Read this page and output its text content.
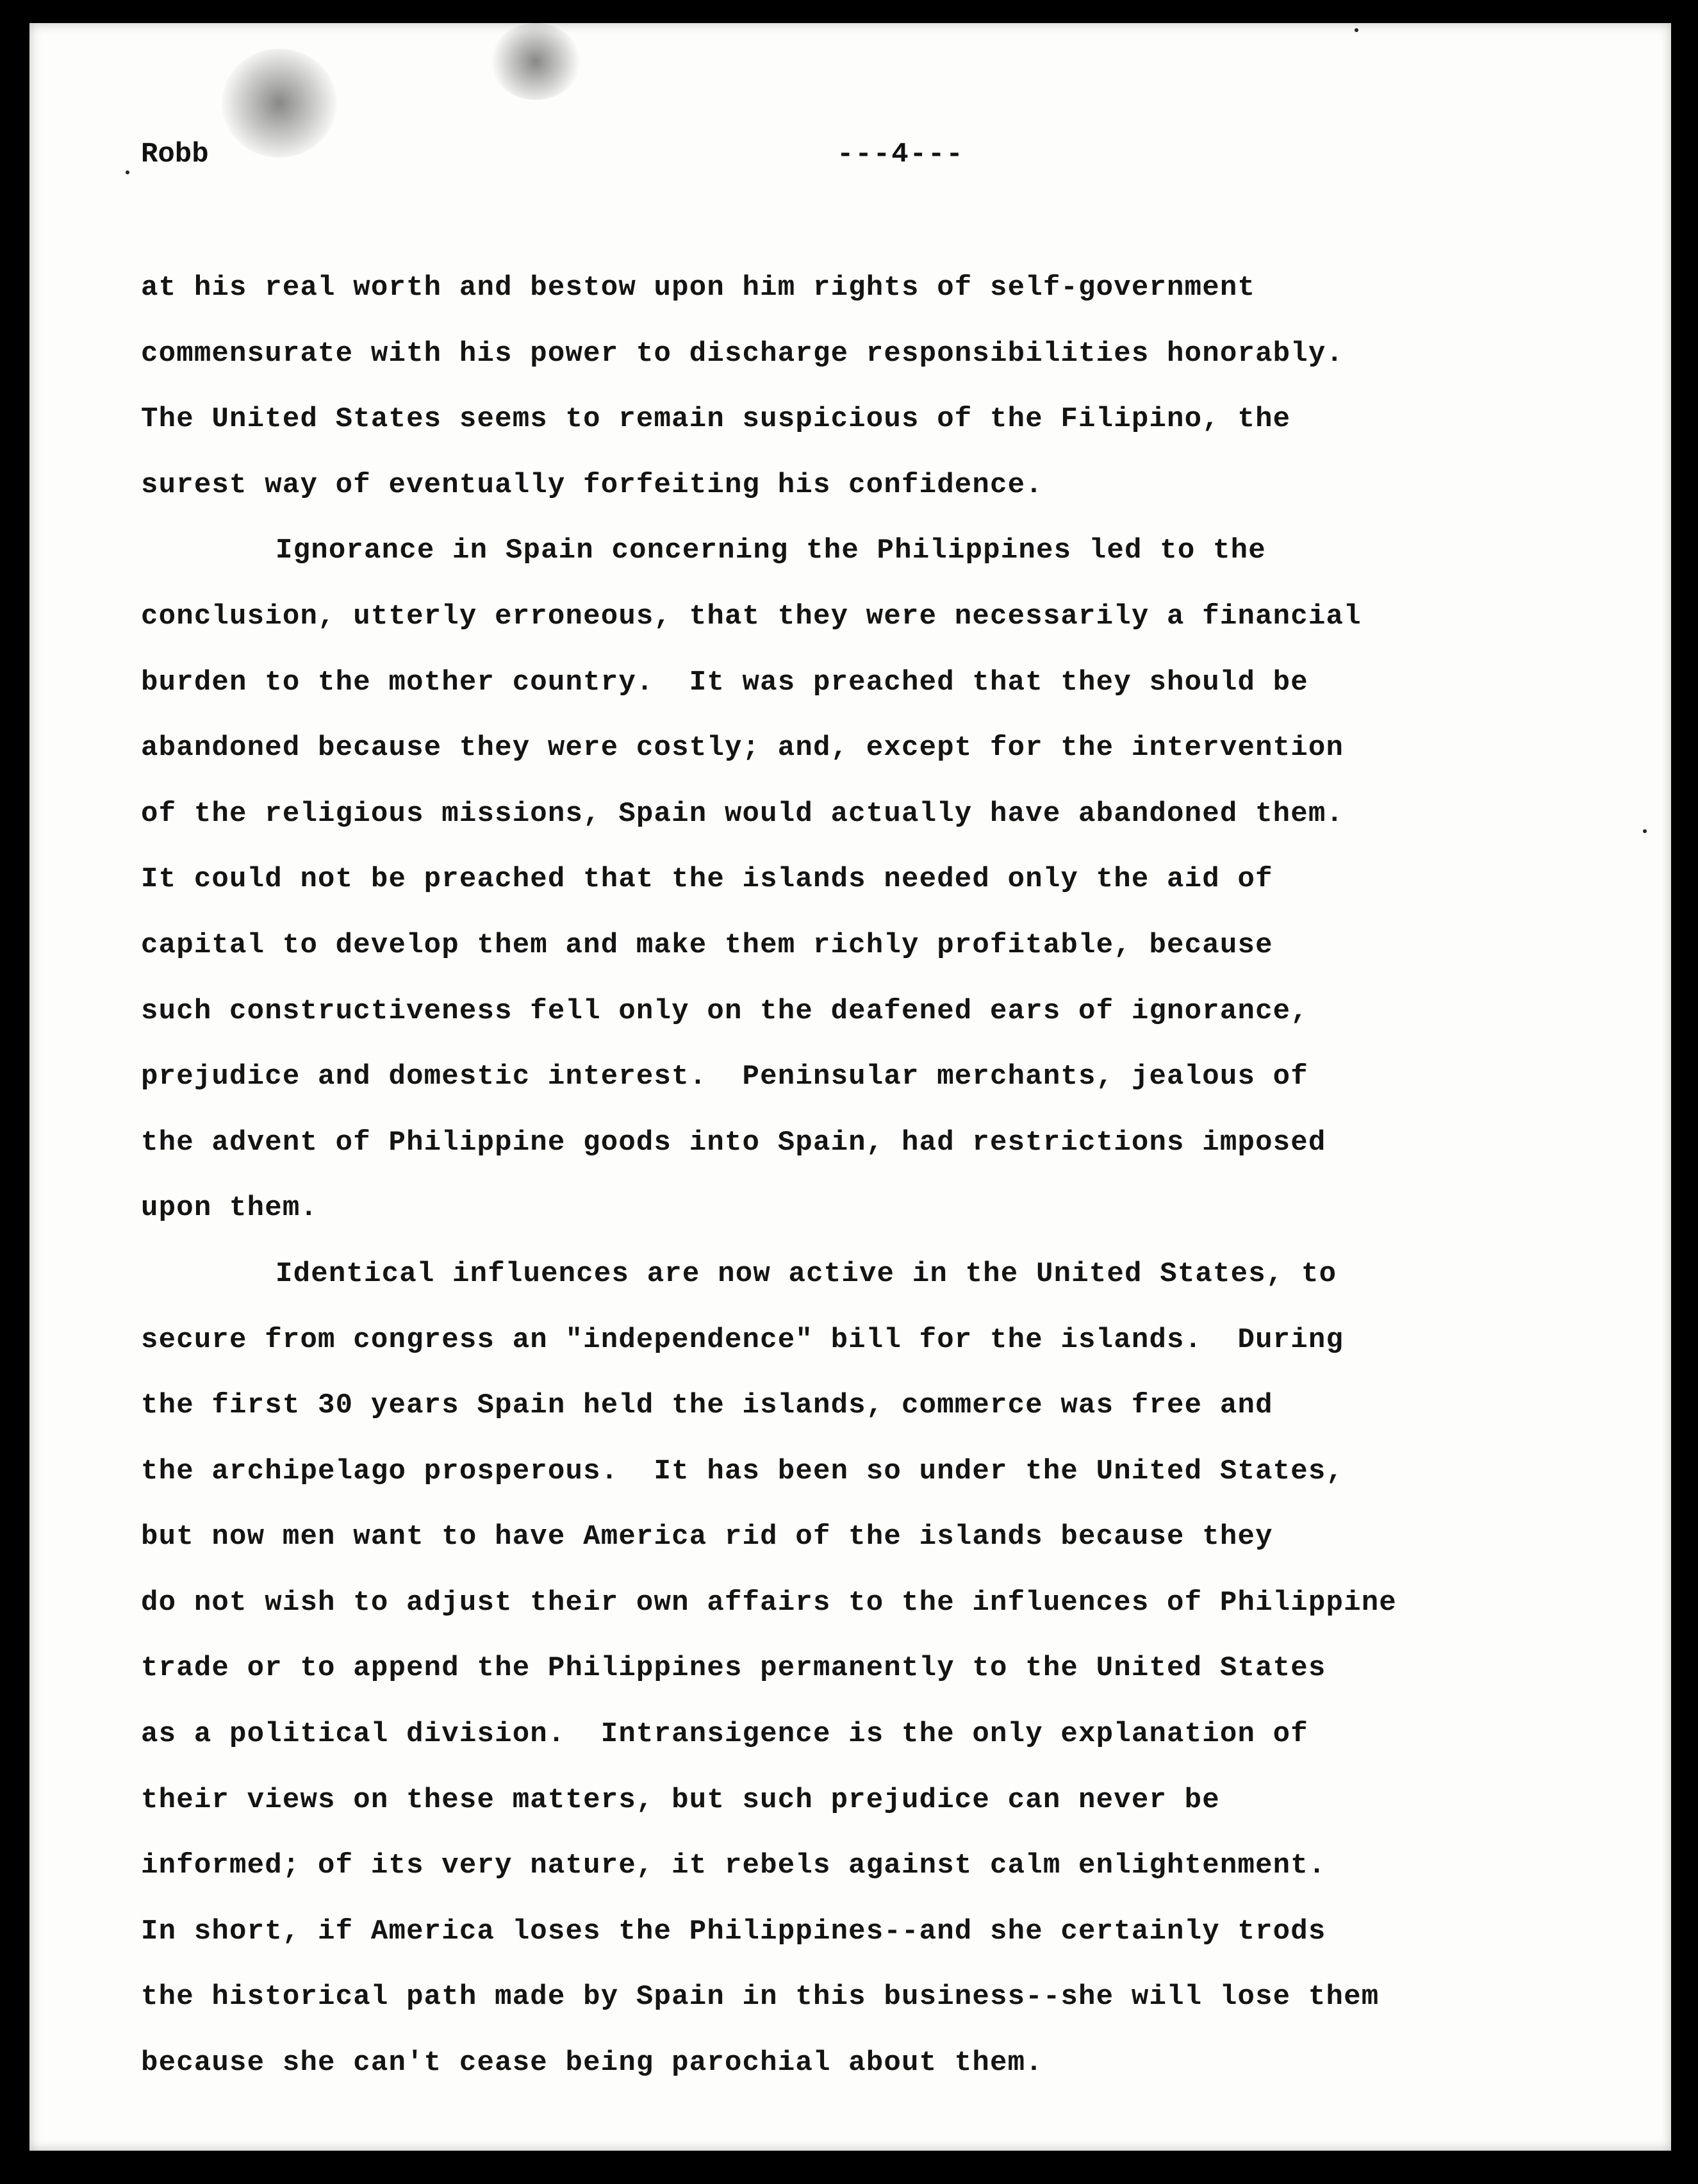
Robb	---4---
at his real worth and bestow upon him rights of self-government
commensurate with his power to discharge responsibilities honorably.
The United States seems to remain suspicious of the Filipino, the
surest way of eventually forfeiting his confidence.
Ignorance in Spain concerning the Philippines led to the
conclusion, utterly erroneous, that they were necessarily a financial
burden to the mother country.  It was preached that they should be
abandoned because they were costly; and, except for the intervention
of the religious missions, Spain would actually have abandoned them.
It could not be preached that the islands needed only the aid of
capital to develop them and make them richly profitable, because
such constructiveness fell only on the deafened ears of ignorance,
prejudice and domestic interest.  Peninsular merchants, jealous of
the advent of Philippine goods into Spain, had restrictions imposed
upon them.
Identical influences are now active in the United States, to
secure from congress an "independence" bill for the islands.  During
the first 30 years Spain held the islands, commerce was free and
the archipelago prosperous.  It has been so under the United States,
but now men want to have America rid of the islands because they
do not wish to adjust their own affairs to the influences of Philippine
trade or to append the Philippines permanently to the United States
as a political division.  Intransigence is the only explanation of
their views on these matters, but such prejudice can never be
informed; of its very nature, it rebels against calm enlightenment.
In short, if America loses the Philippines--and she certainly trods
the historical path made by Spain in this business--she will lose them
because she can't cease being parochial about them.
